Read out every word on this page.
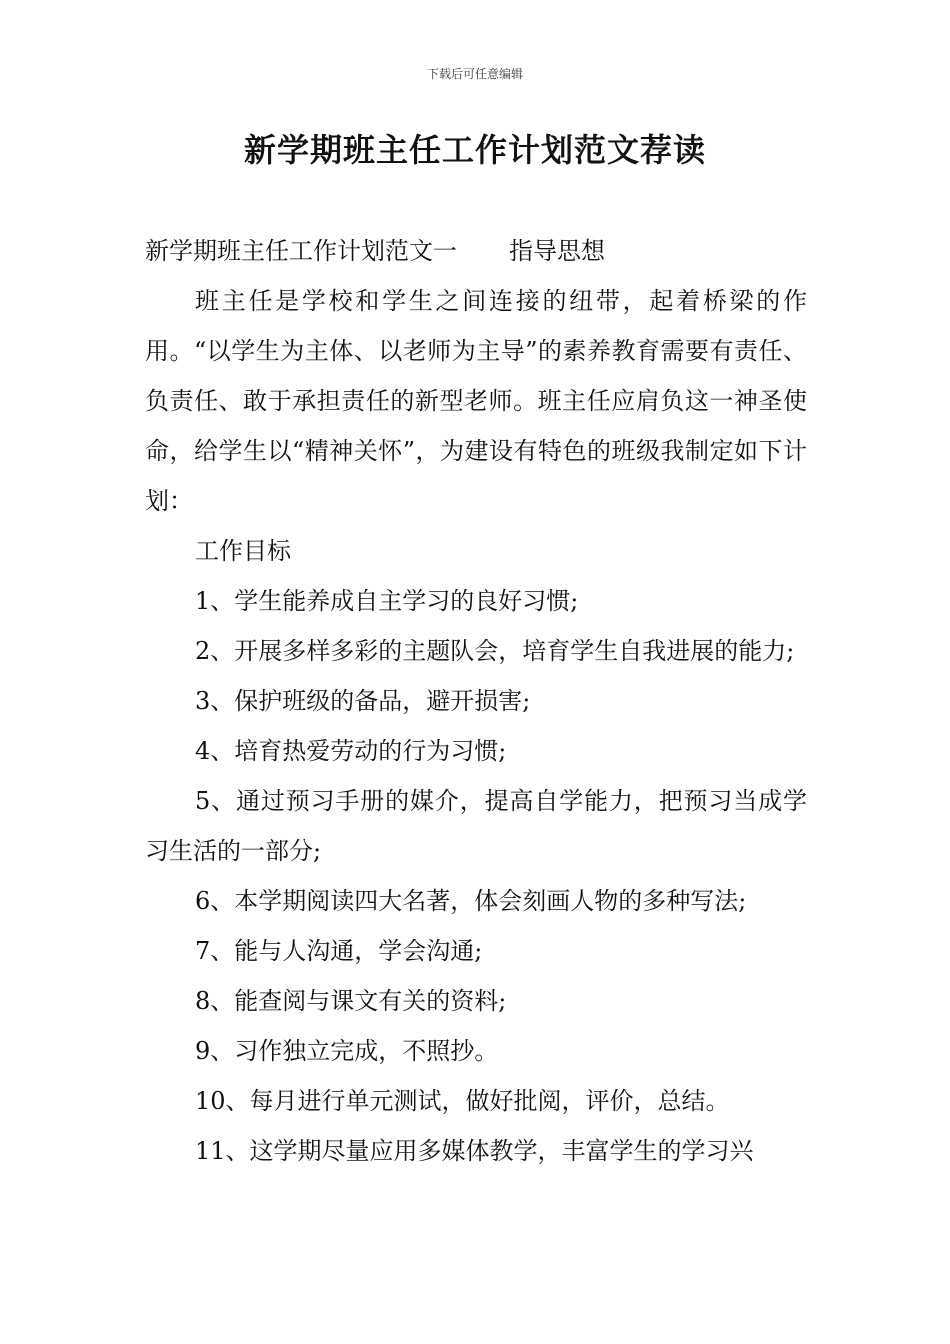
下载后可任意编辑
新学期班主任工作计划范文荐读

新学期班主任工作计划范文一 指导思想

班主任是学校和学生之间连接的纽带，起着桥梁的作用。“以学生为主体、以老师为主导”的素养教育需要有责任、负责任、敢于承担责任的新型老师。班主任应肩负这一神圣使命，给学生以“精神关怀”，为建设有特色的班级我制定如下计划：

工作目标

1、学生能养成自主学习的良好习惯;

2、开展多样多彩的主题队会，培育学生自我进展的能力;

3、保护班级的备品，避开损害;

4、培育热爱劳动的行为习惯;

5、通过预习手册的媒介，提高自学能力，把预习当成学习生活的一部分;

6、本学期阅读四大名著，体会刻画人物的多种写法;

7、能与人沟通，学会沟通;

8、能查阅与课文有关的资料;

9、习作独立完成，不照抄。

10、每月进行单元测试，做好批阅，评价，总结。

11、这学期尽量应用多媒体教学，丰富学生的学习兴
